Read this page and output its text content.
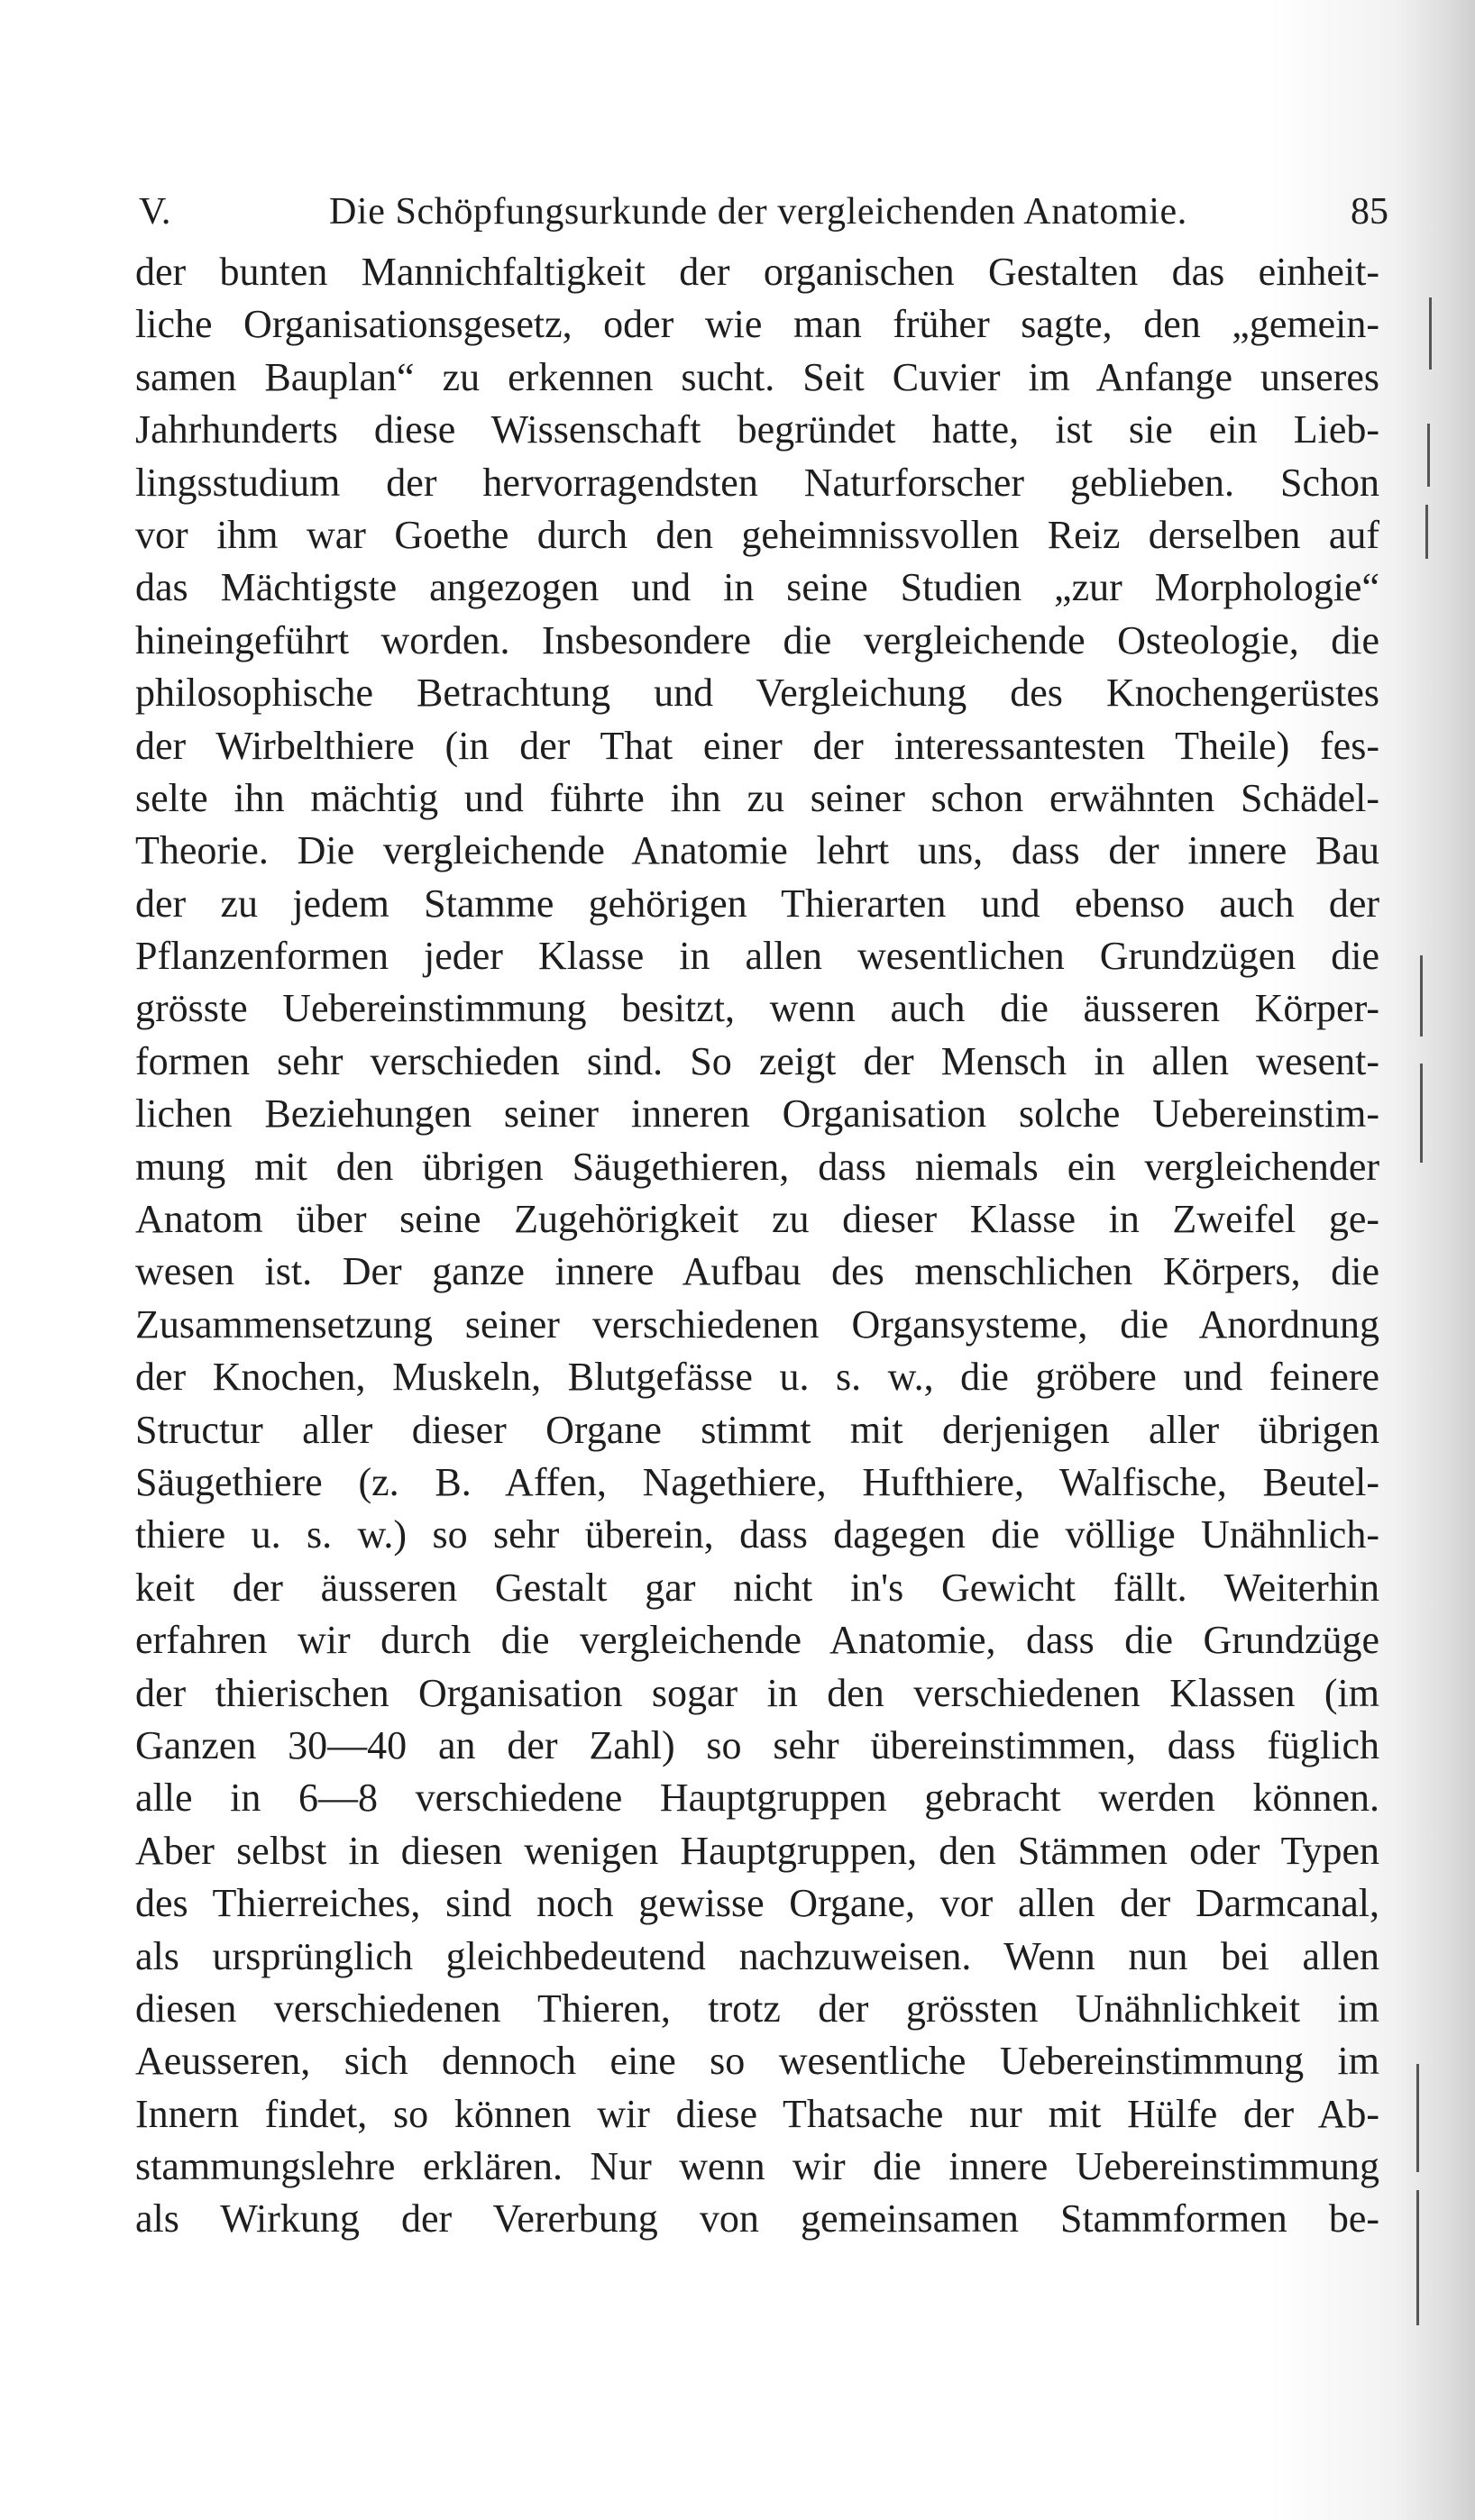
V.	Die Schöpfungsurkunde der vergleichenden Anatomie.	85
der bunten Mannichfaltigkeit der organischen Gestalten das einheit-
liche Organisationsgesetz, oder wie man früher sagte, den „gemein-
samen Bauplan“ zu erkennen sucht. Seit Cuvier im Anfange unseres
Jahrhunderts diese Wissenschaft begründet hatte, ist sie ein Lieb-
lingsstudium der hervorragendsten Naturforscher geblieben. Schon
vor ihm war Goethe durch den geheimnissvollen Reiz derselben auf
das Mächtigste angezogen und in seine Studien „zur Morphologie“
hineingeführt worden. Insbesondere die vergleichende Osteologie, die
philosophische Betrachtung und Vergleichung des Knochengerüstes
der Wirbelthiere (in der That einer der interessantesten Theile) fes-
selte ihn mächtig und führte ihn zu seiner schon erwähnten Schädel-
Theorie. Die vergleichende Anatomie lehrt uns, dass der innere Bau
der zu jedem Stamme gehörigen Thierarten und ebenso auch der
Pflanzenformen jeder Klasse in allen wesentlichen Grundzügen die
grösste Uebereinstimmung besitzt, wenn auch die äusseren Körper-
formen sehr verschieden sind. So zeigt der Mensch in allen wesent-
lichen Beziehungen seiner inneren Organisation solche Uebereinstim-
mung mit den übrigen Säugethieren, dass niemals ein vergleichender
Anatom über seine Zugehörigkeit zu dieser Klasse in Zweifel ge-
wesen ist. Der ganze innere Aufbau des menschlichen Körpers, die
Zusammensetzung seiner verschiedenen Organsysteme, die Anordnung
der Knochen, Muskeln, Blutgefässe u. s. w., die gröbere und feinere
Structur aller dieser Organe stimmt mit derjenigen aller übrigen
Säugethiere (z. B. Affen, Nagethiere, Hufthiere, Walfische, Beutel-
thiere u. s. w.) so sehr überein, dass dagegen die völlige Unähnlich-
keit der äusseren Gestalt gar nicht in's Gewicht fällt. Weiterhin
erfahren wir durch die vergleichende Anatomie, dass die Grundzüge
der thierischen Organisation sogar in den verschiedenen Klassen (im
Ganzen 30—40 an der Zahl) so sehr übereinstimmen, dass füglich
alle in 6—8 verschiedene Hauptgruppen gebracht werden können.
Aber selbst in diesen wenigen Hauptgruppen, den Stämmen oder Typen
des Thierreiches, sind noch gewisse Organe, vor allen der Darmcanal,
als ursprünglich gleichbedeutend nachzuweisen. Wenn nun bei allen
diesen verschiedenen Thieren, trotz der grössten Unähnlichkeit im
Aeusseren, sich dennoch eine so wesentliche Uebereinstimmung im
Innern findet, so können wir diese Thatsache nur mit Hülfe der Ab-
stammungslehre erklären. Nur wenn wir die innere Uebereinstimmung
als Wirkung der Vererbung von gemeinsamen Stammformen be-
